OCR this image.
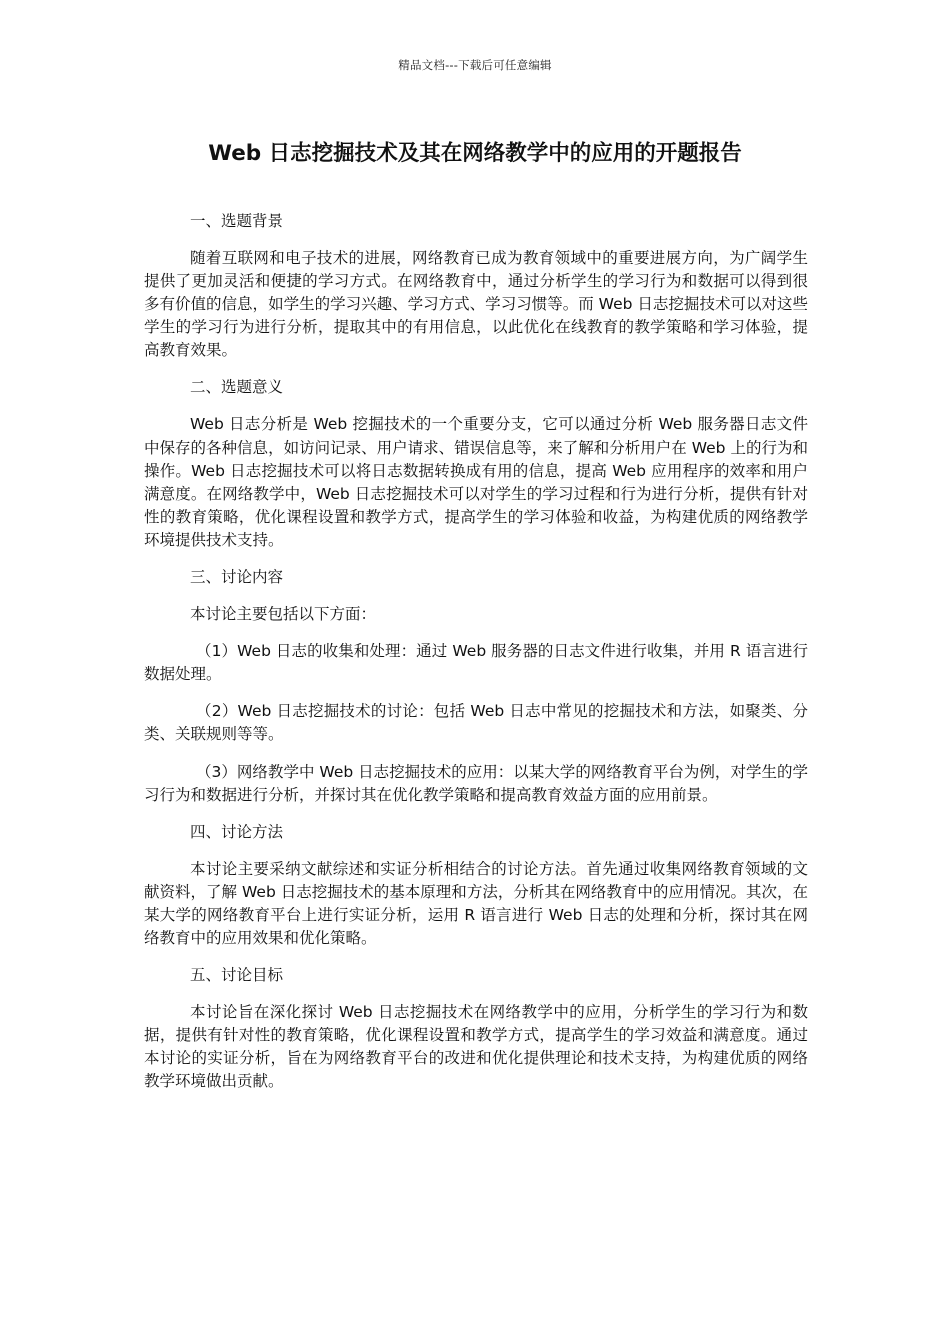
精品文档---下载后可任意编辑
Web 日志挖掘技术及其在网络教学中的应用的开题报告

一、选题背景

随着互联网和电子技术的进展，网络教育已成为教育领域中的重要进展方向，为广阔学生提供了更加灵活和便捷的学习方式。在网络教育中，通过分析学生的学习行为和数据可以得到很多有价值的信息，如学生的学习兴趣、学习方式、学习习惯等。而 Web 日志挖掘技术可以对这些学生的学习行为进行分析，提取其中的有用信息，以此优化在线教育的教学策略和学习体验，提高教育效果。

二、选题意义

Web 日志分析是 Web 挖掘技术的一个重要分支，它可以通过分析 Web 服务器日志文件中保存的各种信息，如访问记录、用户请求、错误信息等，来了解和分析用户在 Web 上的行为和操作。Web 日志挖掘技术可以将日志数据转换成有用的信息，提高 Web 应用程序的效率和用户满意度。在网络教学中，Web 日志挖掘技术可以对学生的学习过程和行为进行分析，提供有针对性的教育策略，优化课程设置和教学方式，提高学生的学习体验和收益，为构建优质的网络教学环境提供技术支持。

三、讨论内容

本讨论主要包括以下方面：

（1）Web 日志的收集和处理：通过 Web 服务器的日志文件进行收集，并用 R 语言进行数据处理。

（2）Web 日志挖掘技术的讨论：包括 Web 日志中常见的挖掘技术和方法，如聚类、分类、关联规则等等。

（3）网络教学中 Web 日志挖掘技术的应用：以某大学的网络教育平台为例，对学生的学习行为和数据进行分析，并探讨其在优化教学策略和提高教育效益方面的应用前景。

四、讨论方法

本讨论主要采纳文献综述和实证分析相结合的讨论方法。首先通过收集网络教育领域的文献资料，了解 Web 日志挖掘技术的基本原理和方法，分析其在网络教育中的应用情况。其次，在某大学的网络教育平台上进行实证分析，运用 R 语言进行 Web 日志的处理和分析，探讨其在网络教育中的应用效果和优化策略。

五、讨论目标

本讨论旨在深化探讨 Web 日志挖掘技术在网络教学中的应用，分析学生的学习行为和数据，提供有针对性的教育策略，优化课程设置和教学方式，提高学生的学习效益和满意度。通过本讨论的实证分析，旨在为网络教育平台的改进和优化提供理论和技术支持，为构建优质的网络教学环境做出贡献。
